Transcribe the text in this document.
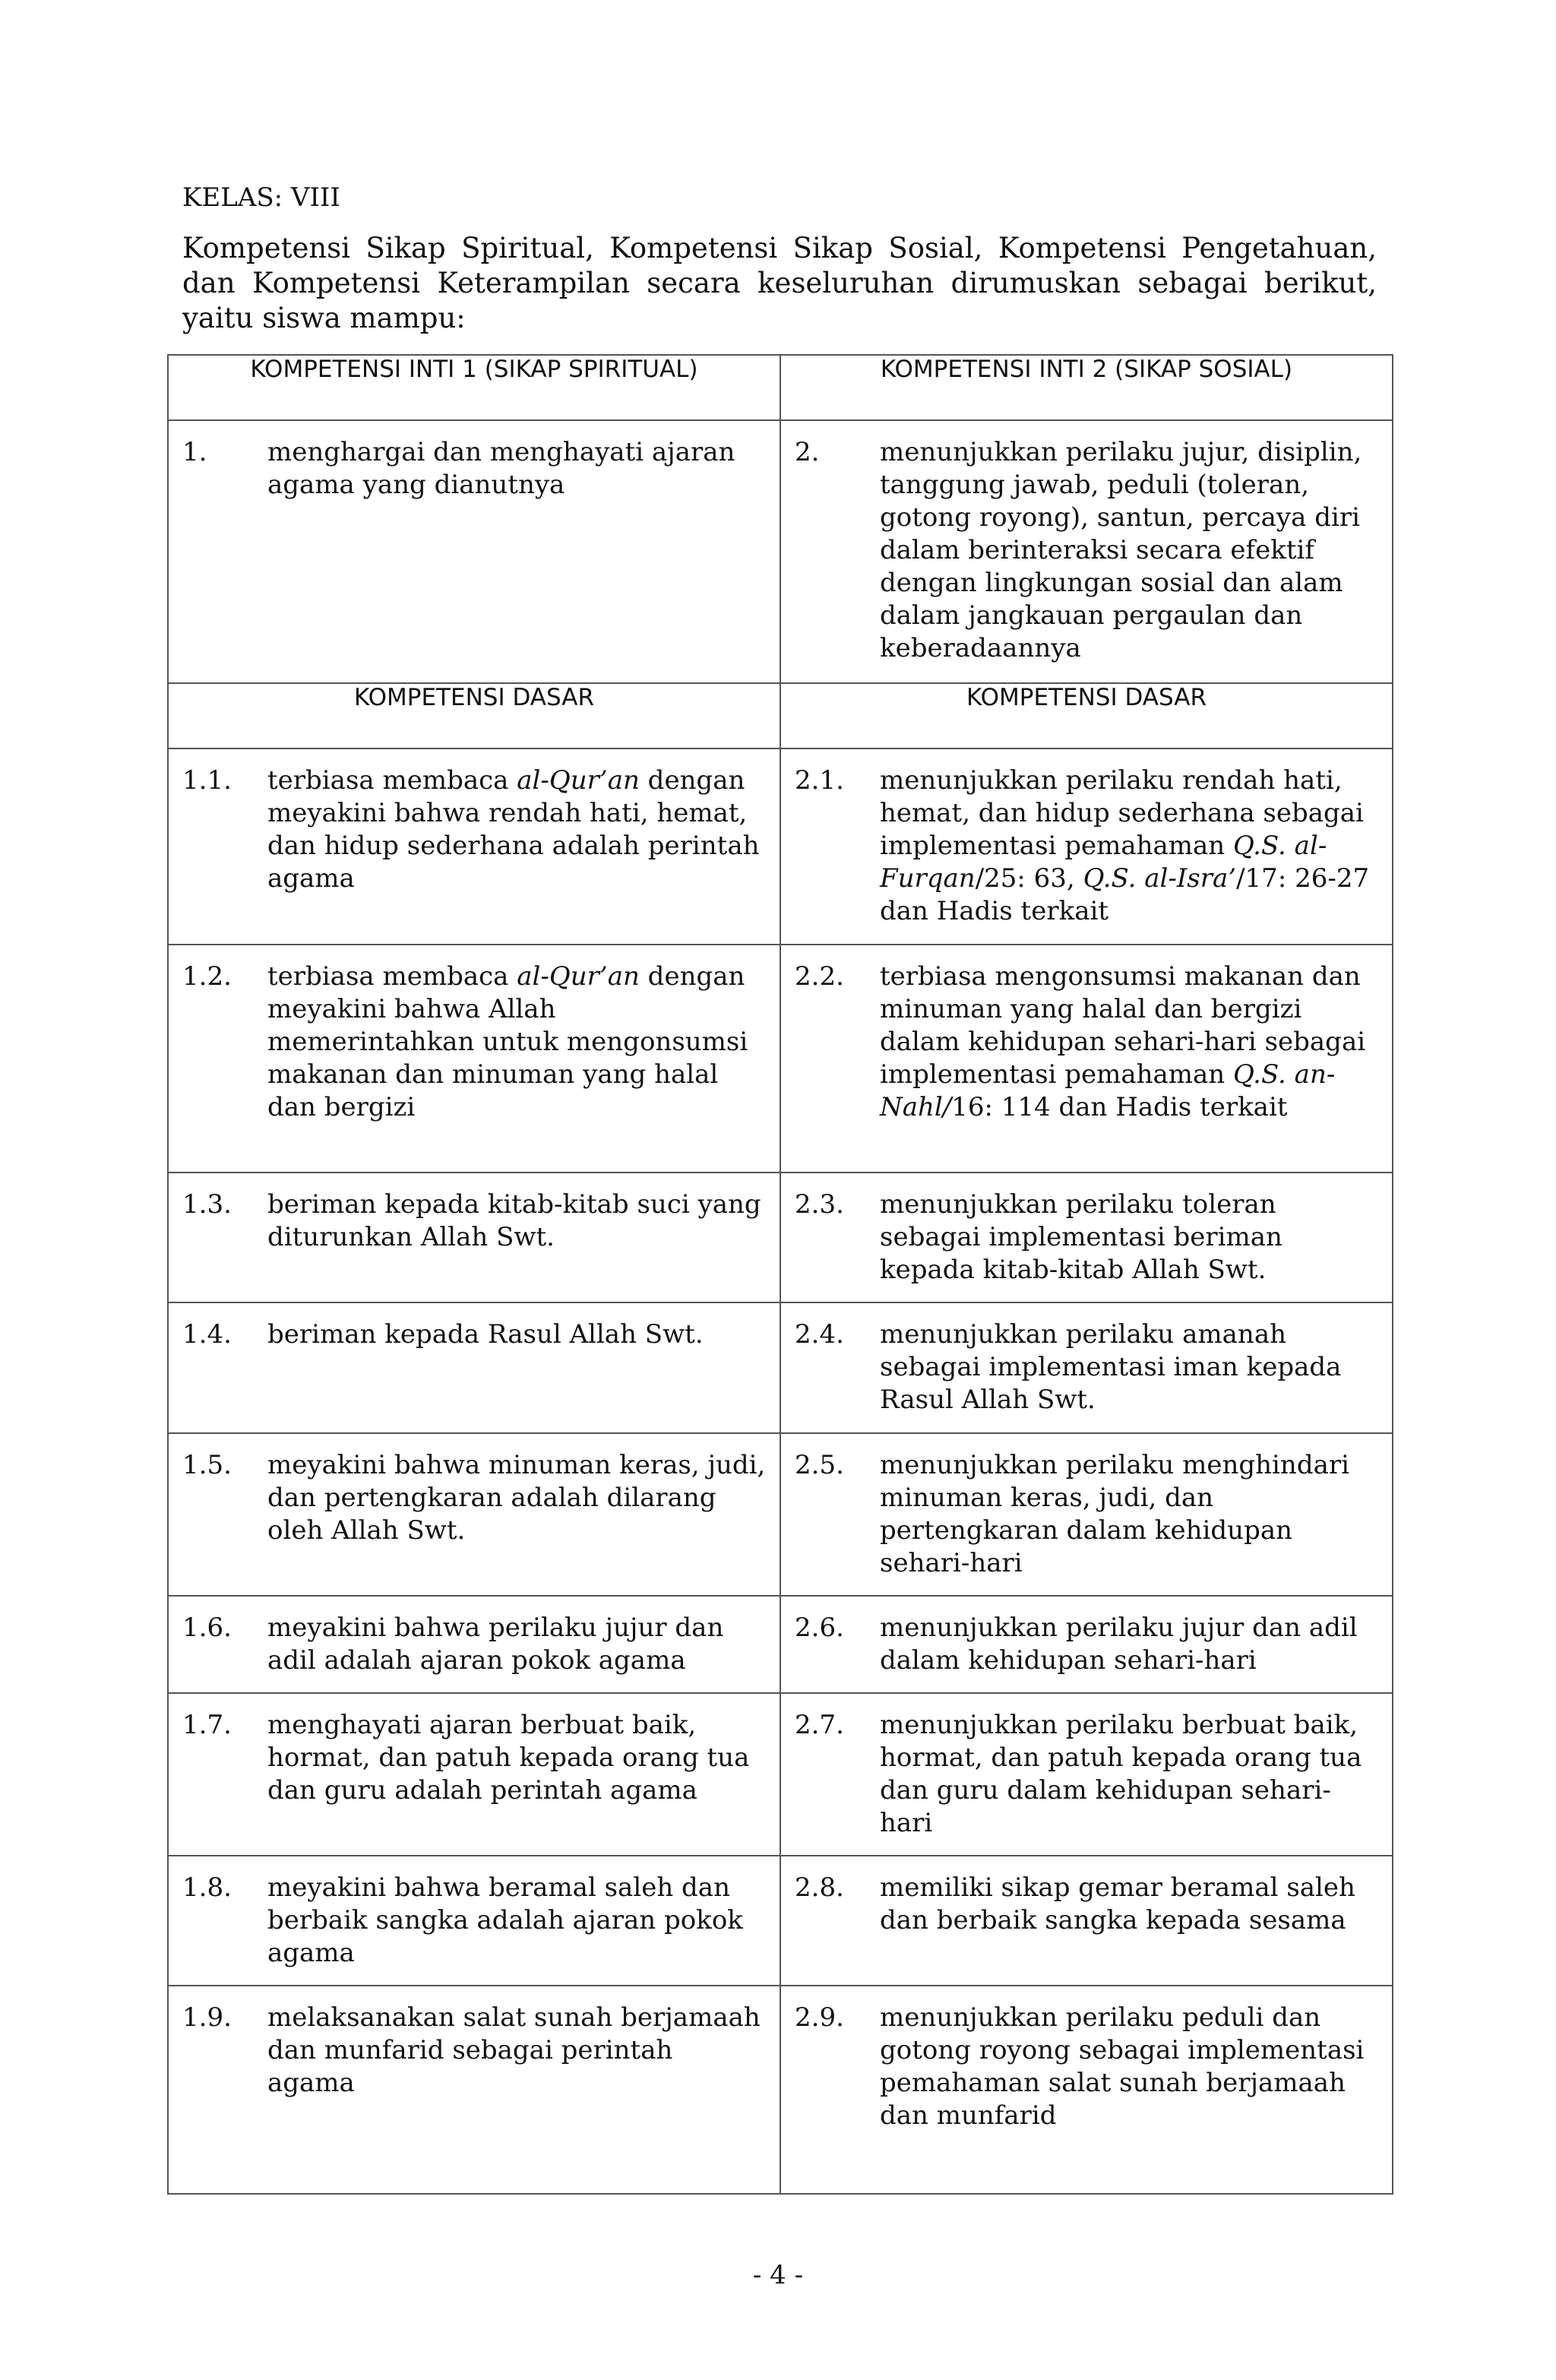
KELAS: VIII

Kompetensi Sikap Spiritual, Kompetensi Sikap Sosial, Kompetensi Pengetahuan, dan Kompetensi Keterampilan secara keseluruhan dirumuskan sebagai berikut, yaitu siswa mampu:

KOMPETENSI INTI 1 (SIKAP SPIRITUAL)	KOMPETENSI INTI 2 (SIKAP SOSIAL)

1. menghargai dan menghayati ajaran agama yang dianutnya	2. menunjukkan perilaku jujur, disiplin, tanggung jawab, peduli (toleran, gotong royong), santun, percaya diri dalam berinteraksi secara efektif dengan lingkungan sosial dan alam dalam jangkauan pergaulan dan keberadaannya
KOMPETENSI DASAR	KOMPETENSI DASAR

1.1. terbiasa membaca al-Qur’an dengan meyakini bahwa rendah hati, hemat, dan hidup sederhana adalah perintah agama	2.1. menunjukkan perilaku rendah hati, hemat, dan hidup sederhana sebagai implementasi pemahaman Q.S. al-Furqan/25: 63, Q.S. al-Isra’/17: 26-27 dan Hadis terkait

1.2. terbiasa membaca al-Qur’an dengan meyakini bahwa Allah memerintahkan untuk mengonsumsi makanan dan minuman yang halal dan bergizi	2.2. terbiasa mengonsumsi makanan dan minuman yang halal dan bergizi dalam kehidupan sehari-hari sebagai implementasi pemahaman Q.S. an-Nahl/16: 114 dan Hadis terkait

1.3. beriman kepada kitab-kitab suci yang diturunkan Allah Swt.	2.3. menunjukkan perilaku toleran sebagai implementasi beriman kepada kitab-kitab Allah Swt.

1.4. beriman kepada Rasul Allah Swt.	2.4. menunjukkan perilaku amanah sebagai implementasi iman kepada Rasul Allah Swt.

1.5. meyakini bahwa minuman keras, judi, dan pertengkaran adalah dilarang oleh Allah Swt.	2.5. menunjukkan perilaku menghindari minuman keras, judi, dan pertengkaran dalam kehidupan sehari-hari

1.6. meyakini bahwa perilaku jujur dan adil adalah ajaran pokok agama	2.6. menunjukkan perilaku jujur dan adil dalam kehidupan sehari-hari

1.7. menghayati ajaran berbuat baik, hormat, dan patuh kepada orang tua dan guru adalah perintah agama	2.7. menunjukkan perilaku berbuat baik, hormat, dan patuh kepada orang tua dan guru dalam kehidupan sehari-hari

1.8. meyakini bahwa beramal saleh dan berbaik sangka adalah ajaran pokok agama	2.8. memiliki sikap gemar beramal saleh dan berbaik sangka kepada sesama

1.9. melaksanakan salat sunah berjamaah dan munfarid sebagai perintah agama	2.9. menunjukkan perilaku peduli dan gotong royong sebagai implementasi pemahaman salat sunah berjamaah dan munfarid
- 4 -
